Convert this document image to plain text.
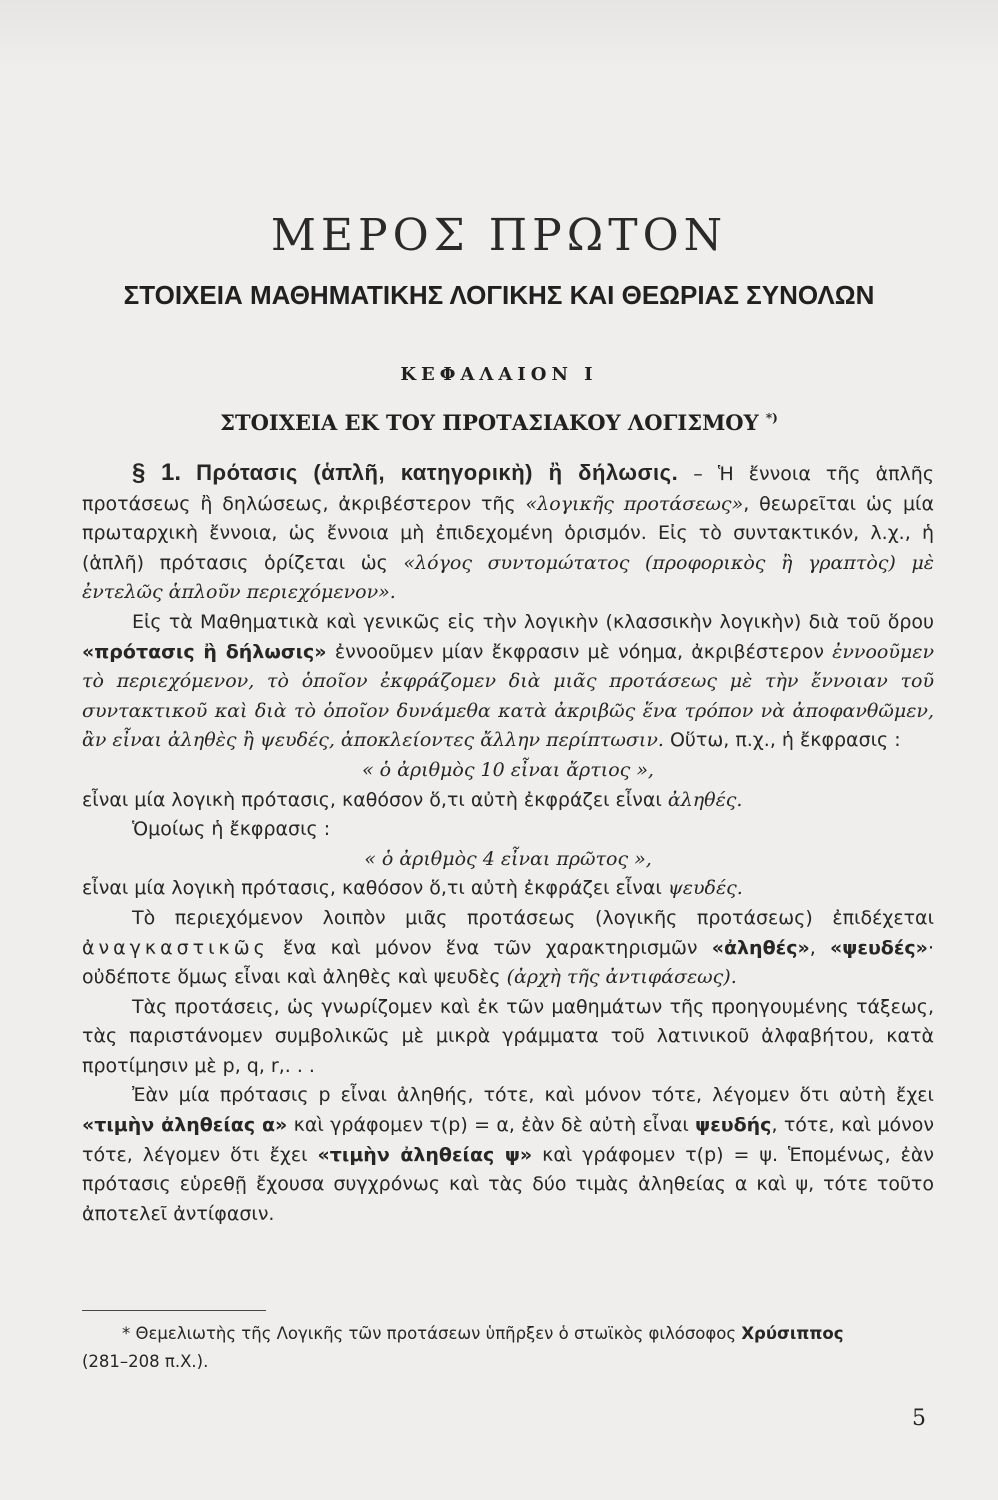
ΜΕΡΟΣ ΠΡΩΤΟΝ
ΣΤΟΙΧΕΙΑ ΜΑΘΗΜΑΤΙΚΗΣ ΛΟΓΙΚΗΣ ΚΑΙ ΘΕΩΡΙΑΣ ΣΥΝΟΛΩΝ
ΚΕΦΑΛΑΙΟΝ Ι
ΣΤΟΙΧΕΙΑ ΕΚ ΤΟΥ ΠΡΟΤΑΣΙΑΚΟΥ ΛΟΓΙΣΜΟΥ *)

§ 1. Πρότασις (ἁπλῆ, κατηγορικὴ) ἢ δήλωσις. – Ἡ ἔννοια τῆς ἁπλῆς προτάσεως ἢ δηλώσεως, ἀκριβέστερον τῆς «λογικῆς προτάσεως», θεωρεῖται ὡς μία πρωταρχικὴ ἔννοια, ὡς ἔννοια μὴ ἐπιδεχομένη ὁρισμόν. Εἰς τὸ συντακτικόν, λ.χ., ἡ (ἁπλῆ) πρότασις ὁρίζεται ὡς «λόγος συντομώτατος (προφορικὸς ἢ γραπτὸς) μὲ ἐντελῶς ἁπλοῦν περιεχόμενον».

Εἰς τὰ Μαθηματικὰ καὶ γενικῶς εἰς τὴν λογικὴν (κλασσικὴν λογικὴν) διὰ τοῦ ὅρου «πρότασις ἢ δήλωσις» ἐννοοῦμεν μίαν ἔκφρασιν μὲ νόημα, ἀκριβέστερον ἐννοοῦμεν τὸ περιεχόμενον, τὸ ὁποῖον ἐκφράζομεν διὰ μιᾶς προτάσεως μὲ τὴν ἔννοιαν τοῦ συντακτικοῦ καὶ διὰ τὸ ὁποῖον δυνάμεθα κατὰ ἀκριβῶς ἕνα τρόπον νὰ ἀποφανθῶμεν, ἂν εἶναι ἀληθὲς ἢ ψευδές, ἀποκλείοντες ἄλλην περίπτωσιν. Οὕτω, π.χ., ἡ ἔκφρασις :

« ὁ ἀριθμὸς 10 εἶναι ἄρτιος »,

εἶναι μία λογικὴ πρότασις, καθόσον ὅ,τι αὐτὴ ἐκφράζει εἶναι ἀληθές.

Ὁμοίως ἡ ἔκφρασις :

« ὁ ἀριθμὸς 4 εἶναι πρῶτος »,

εἶναι μία λογικὴ πρότασις, καθόσον ὅ,τι αὐτὴ ἐκφράζει εἶναι ψευδές.

Τὸ περιεχόμενον λοιπὸν μιᾶς προτάσεως (λογικῆς προτάσεως) ἐπιδέχεται ἀναγκαστικῶς ἕνα καὶ μόνον ἕνα τῶν χαρακτηρισμῶν «ἀληθές», «ψευδές»· οὐδέποτε ὅμως εἶναι καὶ ἀληθὲς καὶ ψευδὲς (ἀρχὴ τῆς ἀντιφάσεως).

Τὰς προτάσεις, ὡς γνωρίζομεν καὶ ἐκ τῶν μαθημάτων τῆς προηγουμένης τάξεως, τὰς παριστάνομεν συμβολικῶς μὲ μικρὰ γράμματα τοῦ λατινικοῦ ἀλφαβήτου, κατὰ προτίμησιν μὲ p, q, r,. . .

Ἐὰν μία πρότασις p εἶναι ἀληθής, τότε, καὶ μόνον τότε, λέγομεν ὅτι αὐτὴ ἔχει «τιμὴν ἀληθείας α» καὶ γράφομεν τ(p) = α, ἐὰν δὲ αὐτὴ εἶναι ψευδής, τότε, καὶ μόνον τότε, λέγομεν ὅτι ἔχει «τιμὴν ἀληθείας ψ» καὶ γράφομεν τ(p) = ψ. Ἑπομένως, ἐὰν πρότασις εὑρεθῇ ἔχουσα συγχρόνως καὶ τὰς δύο τιμὰς ἀληθείας α καὶ ψ, τότε τοῦτο ἀποτελεῖ ἀντίφασιν.

* Θεμελιωτὴς τῆς Λογικῆς τῶν προτάσεων ὑπῆρξεν ὁ στωϊκὸς φιλόσοφος Χρύσιππος
(281–208 π.Χ.).

5
